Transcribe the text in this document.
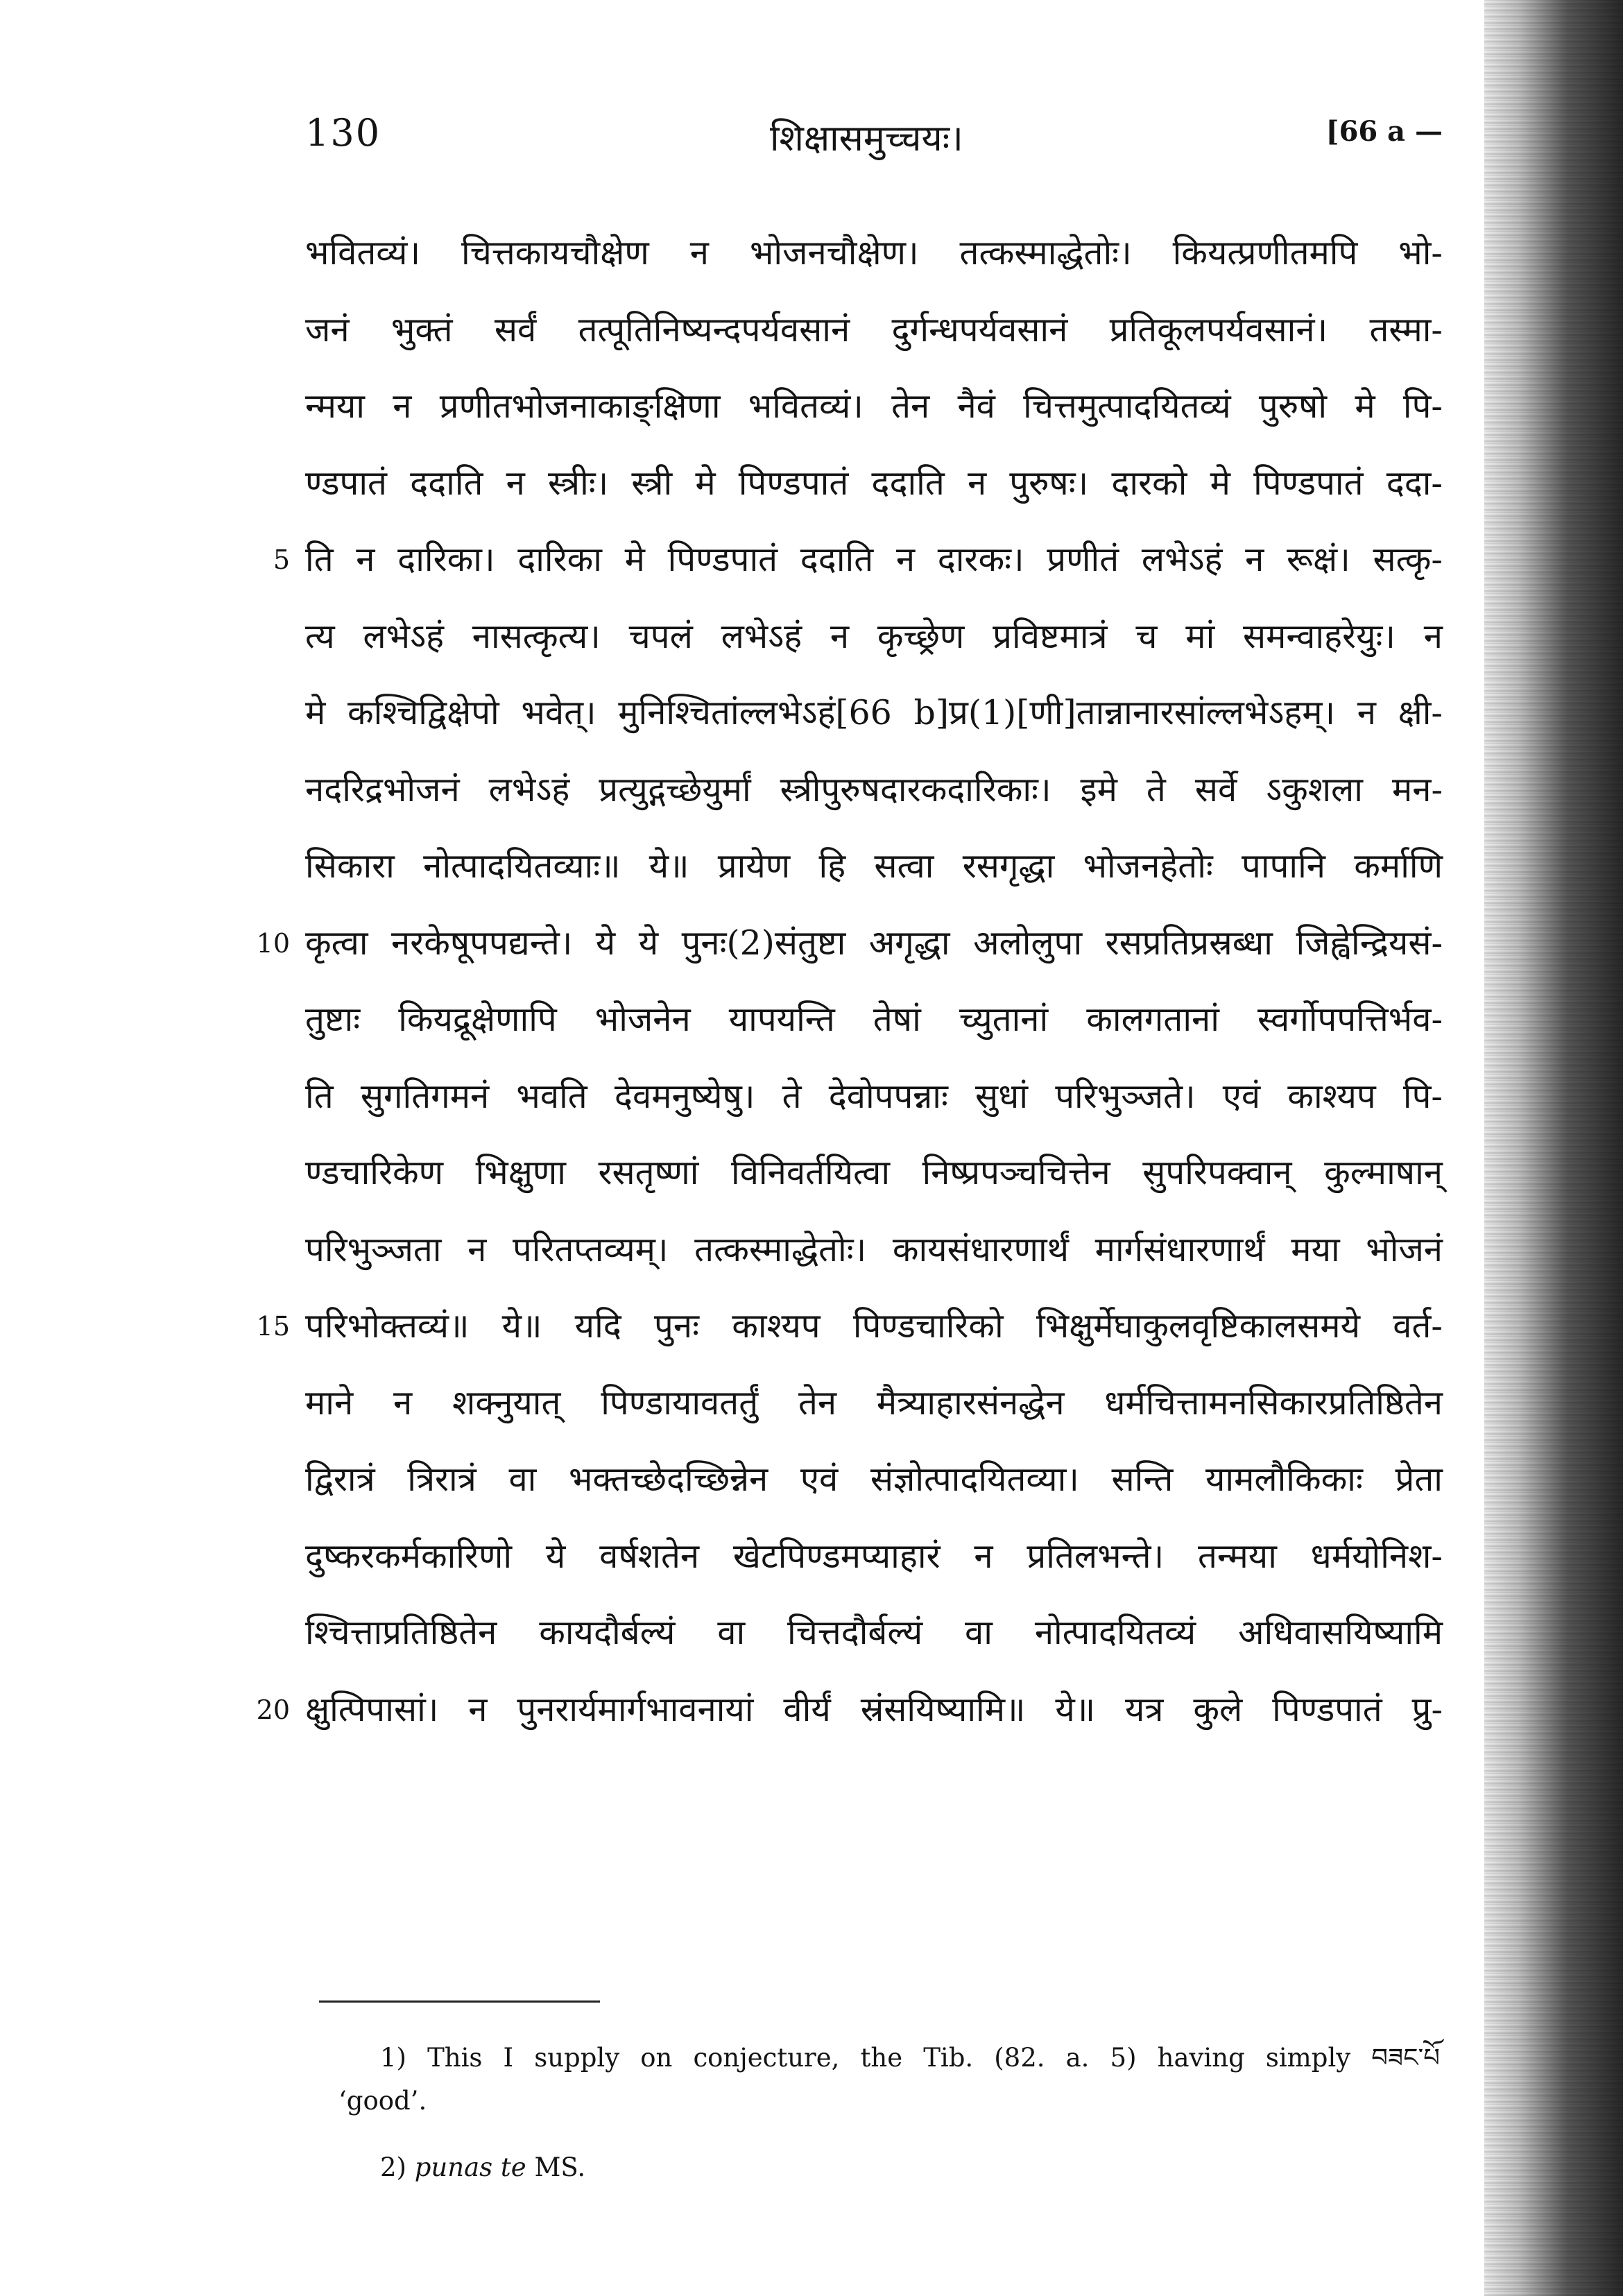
130	शिक्षासमुच्चयः।	[66 a —
भवितव्यं। चित्तकायचौक्षेण न भोजनचौक्षेण। तत्कस्माद्धेतोः। कियत्प्रणीतमपि भो-
जनं भुक्तं सर्वं तत्पूतिनिष्यन्दपर्यवसानं दुर्गन्धपर्यवसानं प्रतिकूलपर्यवसानं। तस्मा-
न्मया न प्रणीतभोजनाकाङ्क्षिणा भवितव्यं। तेन नैवं चित्तमुत्पादयितव्यं पुरुषो मे पि-
ण्डपातं ददाति न स्त्रीः। स्त्री मे पिण्डपातं ददाति न पुरुषः। दारको मे पिण्डपातं ददा-
5 ति न दारिका। दारिका मे पिण्डपातं ददाति न दारकः। प्रणीतं लभेऽहं न रूक्षं। सत्कृ-
त्य लभेऽहं नासत्कृत्य। चपलं लभेऽहं न कृच्छ्रेण प्रविष्टमात्रं च मां समन्वाहरेयुः। न
मे कश्चिद्विक्षेपो भवेत्। मुनिश्चितांल्लभेऽहं[66 b]प्र(1)[णी]तान्नानारसांल्लभेऽहम्। न क्षी-
नदरिद्रभोजनं लभेऽहं प्रत्युद्गच्छेयुर्मां स्त्रीपुरुषदारकदारिकाः। इमे ते सर्वे ऽकुशला मन-
सिकारा नोत्पादयितव्याः॥ ये॥ प्रायेण हि सत्वा रसगृद्धा भोजनहेतोः पापानि कर्माणि
10 कृत्वा नरकेषूपपद्यन्ते। ये ये पुनः(2)संतुष्टा अगृद्धा अलोलुपा रसप्रतिप्रस्रब्धा जिह्वेन्द्रियसं-
तुष्टाः कियद्रूक्षेणापि भोजनेन यापयन्ति तेषां च्युतानां कालगतानां स्वर्गोपपत्तिर्भव-
ति सुगतिगमनं भवति देवमनुष्येषु। ते देवोपपन्नाः सुधां परिभुञ्जते। एवं काश्यप पि-
ण्डचारिकेण भिक्षुणा रसतृष्णां विनिवर्तयित्वा निष्प्रपञ्चचित्तेन सुपरिपक्वान् कुल्माषान्
परिभुञ्जता न परितप्तव्यम्। तत्कस्माद्धेतोः। कायसंधारणार्थं मार्गसंधारणार्थं मया भोजनं
15 परिभोक्तव्यं॥ ये॥ यदि पुनः काश्यप पिण्डचारिको भिक्षुर्मेघाकुलवृष्टिकालसमये वर्त-
माने न शक्नुयात् पिण्डायावतर्तुं तेन मैत्र्याहारसंनद्धेन धर्मचित्तामनसिकारप्रतिष्ठितेन
द्विरात्रं त्रिरात्रं वा भक्तच्छेदच्छिन्नेन एवं संज्ञोत्पादयितव्या। सन्ति यामलौकिकाः प्रेता
दुष्करकर्मकारिणो ये वर्षशतेन खेटपिण्डमप्याहारं न प्रतिलभन्ते। तन्मया धर्मयोनिश-
श्चित्ताप्रतिष्ठितेन कायदौर्बल्यं वा चित्तदौर्बल्यं वा नोत्पादयितव्यं अधिवासयिष्यामि
20 क्षुत्पिपासां। न पुनरार्यमार्गभावनायां वीर्यं स्रंसयिष्यामि॥ ये॥ यत्र कुले पिण्डपातं प्रु-
1) This I supply on conjecture, the Tib. (82. a. 5) having simply བཟང་པོ
‘good’.
2) punas te MS.
